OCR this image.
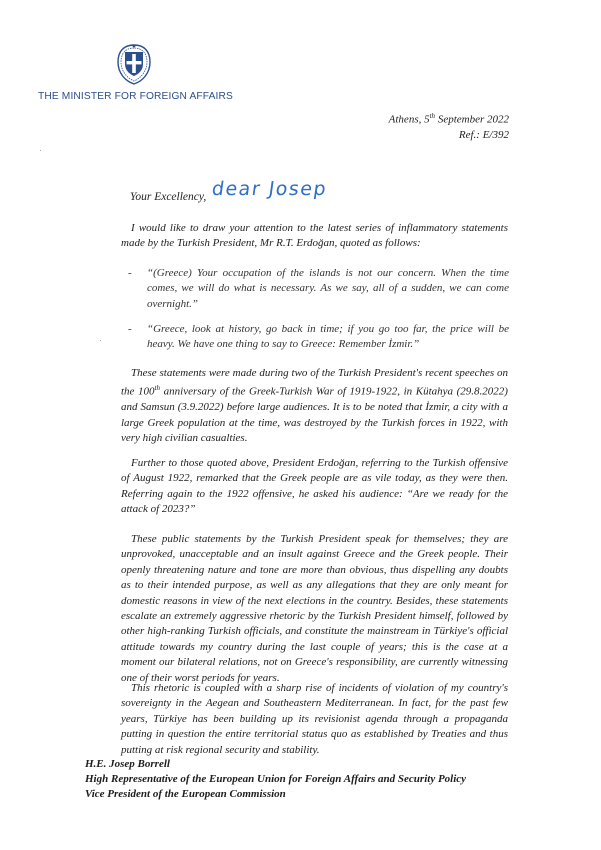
THE MINISTER FOR FOREIGN AFFAIRS
Athens, 5th September 2022
Ref.: E/392
Your Excellency, dear Josep
I would like to draw your attention to the latest series of inflammatory statements made by the Turkish President, Mr R.T. Erdoğan, quoted as follows:
- “(Greece) Your occupation of the islands is not our concern. When the time comes, we will do what is necessary. As we say, all of a sudden, we can come overnight.”
- “Greece, look at history, go back in time; if you go too far, the price will be heavy. We have one thing to say to Greece: Remember İzmir.”
These statements were made during two of the Turkish President's recent speeches on the 100th anniversary of the Greek-Turkish War of 1919-1922, in Kütahya (29.8.2022) and Samsun (3.9.2022) before large audiences. It is to be noted that İzmir, a city with a large Greek population at the time, was destroyed by the Turkish forces in 1922, with very high civilian casualties.
Further to those quoted above, President Erdoğan, referring to the Turkish offensive of August 1922, remarked that the Greek people are as vile today, as they were then. Referring again to the 1922 offensive, he asked his audience: “Are we ready for the attack of 2023?”
These public statements by the Turkish President speak for themselves; they are unprovoked, unacceptable and an insult against Greece and the Greek people. Their openly threatening nature and tone are more than obvious, thus dispelling any doubts as to their intended purpose, as well as any allegations that they are only meant for domestic reasons in view of the next elections in the country. Besides, these statements escalate an extremely aggressive rhetoric by the Turkish President himself, followed by other high-ranking Turkish officials, and constitute the mainstream in Türkiye's official attitude towards my country during the last couple of years; this is the case at a moment our bilateral relations, not on Greece's responsibility, are currently witnessing one of their worst periods for years.
This rhetoric is coupled with a sharp rise of incidents of violation of my country's sovereignty in the Aegean and Southeastern Mediterranean. In fact, for the past few years, Türkiye has been building up its revisionist agenda through a propaganda putting in question the entire territorial status quo as established by Treaties and thus putting at risk regional security and stability.
H.E. Josep Borrell
High Representative of the European Union for Foreign Affairs and Security Policy
Vice President of the European Commission
